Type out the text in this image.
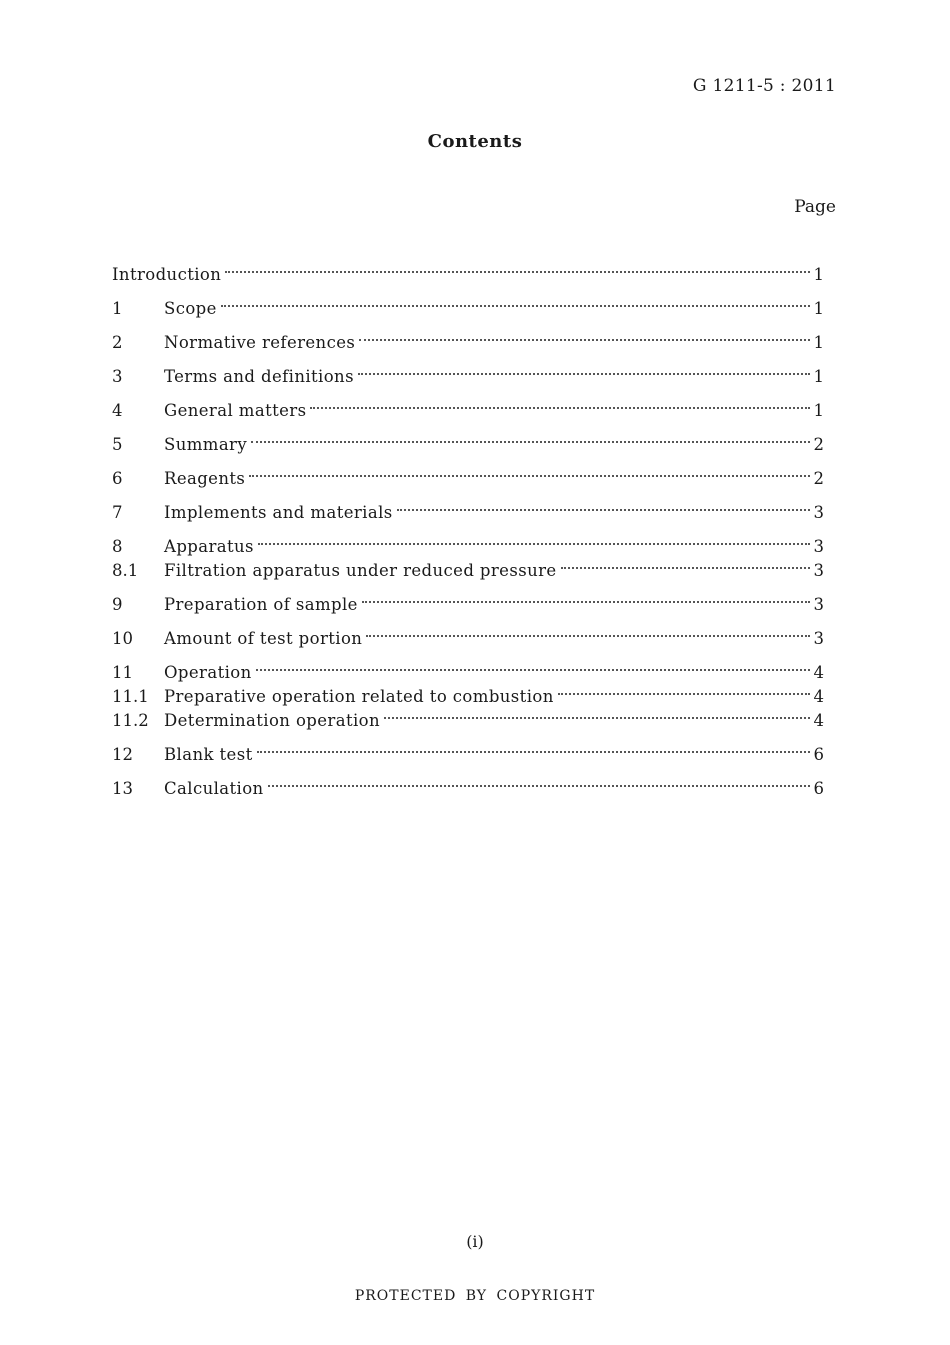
G 1211-5 : 2011
Contents
Page
Introduction	1
1	Scope	1
2	Normative references	1
3	Terms and definitions	1
4	General matters	1
5	Summary	2
6	Reagents	2
7	Implements and materials	3
8	Apparatus	3
8.1	Filtration apparatus under reduced pressure	3
9	Preparation of sample	3
10	Amount of test portion	3
11	Operation	4
11.1 Preparative operation related to combustion	4
11.2 Determination operation	4
12	Blank test	6
13	Calculation	6
(i)
PROTECTED BY COPYRIGHT
